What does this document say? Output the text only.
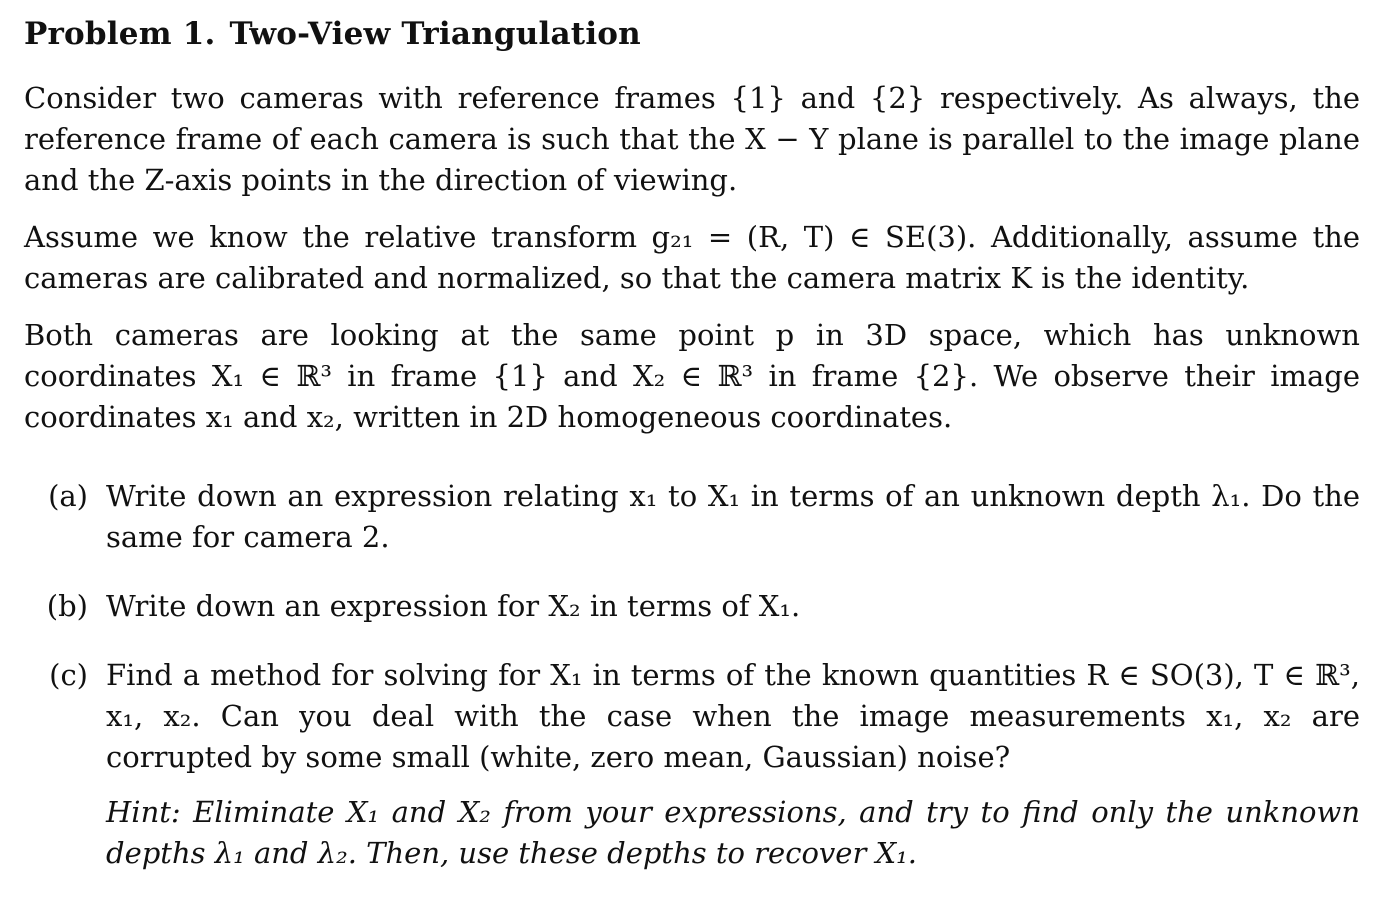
Problem 1. Two-View Triangulation

Consider two cameras with reference frames {1} and {2} respectively. As always, the reference frame of each camera is such that the X − Y plane is parallel to the image plane and the Z-axis points in the direction of viewing.

Assume we know the relative transform g₂₁ = (R, T) ∈ SE(3). Additionally, assume the cameras are calibrated and normalized, so that the camera matrix K is the identity.

Both cameras are looking at the same point p in 3D space, which has unknown coordinates X₁ ∈ ℝ³ in frame {1} and X₂ ∈ ℝ³ in frame {2}. We observe their image coordinates x₁ and x₂, written in 2D homogeneous coordinates.

(a) Write down an expression relating x₁ to X₁ in terms of an unknown depth λ₁. Do the same for camera 2.
(b) Write down an expression for X₂ in terms of X₁.
(c) Find a method for solving for X₁ in terms of the known quantities R ∈ SO(3), T ∈ ℝ³, x₁, x₂. Can you deal with the case when the image measurements x₁, x₂ are corrupted by some small (white, zero mean, Gaussian) noise?
Hint: Eliminate X₁ and X₂ from your expressions, and try to find only the unknown depths λ₁ and λ₂. Then, use these depths to recover X₁.
